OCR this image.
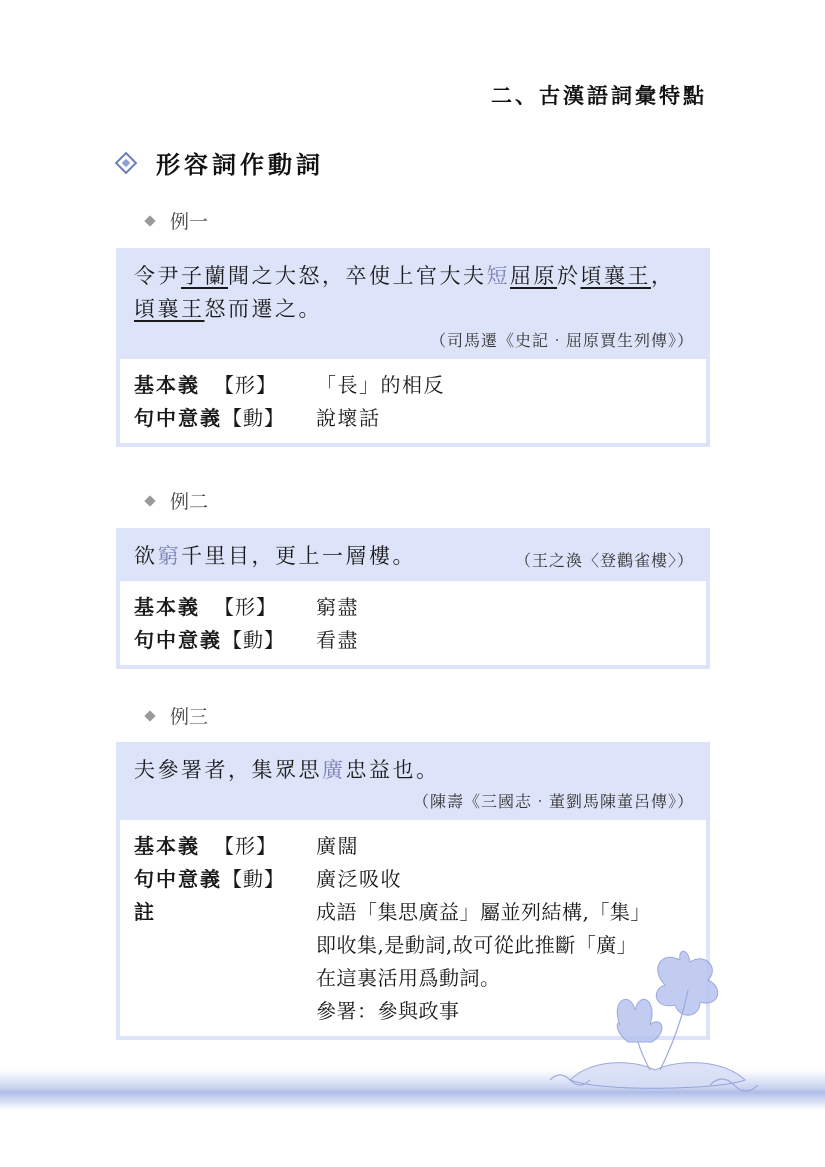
二、古漢語詞彙特點
形容詞作動詞
例一
令尹子蘭聞之大怒，卒使上官大夫短屈原於頃襄王，頃襄王怒而遷之。
（司馬遷《史記‧屈原賈生列傳》）
基本義 【形】	「長」的相反
句中意義【動】	說壞話
例二
欲窮千里目，更上一層樓。	（王之渙〈登鸛雀樓〉）
基本義 【形】	窮盡
句中意義【動】	看盡
例三
夫參署者，集眾思廣忠益也。
（陳壽《三國志‧董劉馬陳董呂傳》）
基本義 【形】	廣闊
句中意義【動】	廣泛吸收
註	成語「集思廣益」屬並列結構,「集」
即收集,是動詞,故可從此推斷「廣」
在這裏活用爲動詞。
參署：參與政事
